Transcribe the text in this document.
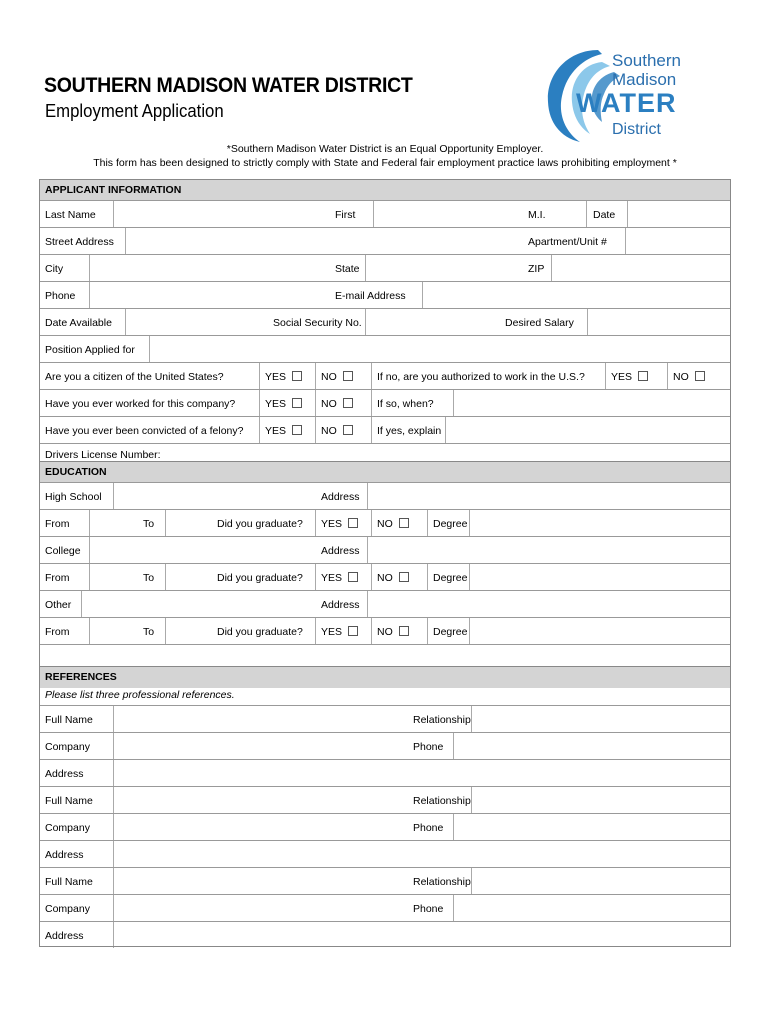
SOUTHERN MADISON WATER DISTRICT
Employment Application
*Southern Madison Water District is an Equal Opportunity Employer.
This form has been designed to strictly comply with State and Federal fair employment practice laws prohibiting employment *
Southern
Madison
WATER
District
APPLICANT INFORMATION
Last Name	First	M.I.	Date
Street Address	Apartment/Unit #
City	State	ZIP
Phone	E-mail Address
Date Available	Social Security No.	Desired Salary
Position Applied for
Are you a citizen of the United States?	YES	NO	If no, are you authorized to work in the U.S.? YES	NO
Have you ever worked for this company?	YES	NO	If so, when?
Have you ever been convicted of a felony? YES	NO	If yes, explain
Drivers License Number:
EDUCATION
High School	Address
From	To	Did you graduate? YES	NO	Degree
College	Address
From	To	Did you graduate? YES	NO	Degree
Other	Address
From	To	Did you graduate? YES	NO	Degree
REFERENCES
Please list three professional references.
Full Name	Relationship
Company	Phone
Address
Full Name	Relationship
Company	Phone
Address
Full Name	Relationship
Company	Phone
Address
